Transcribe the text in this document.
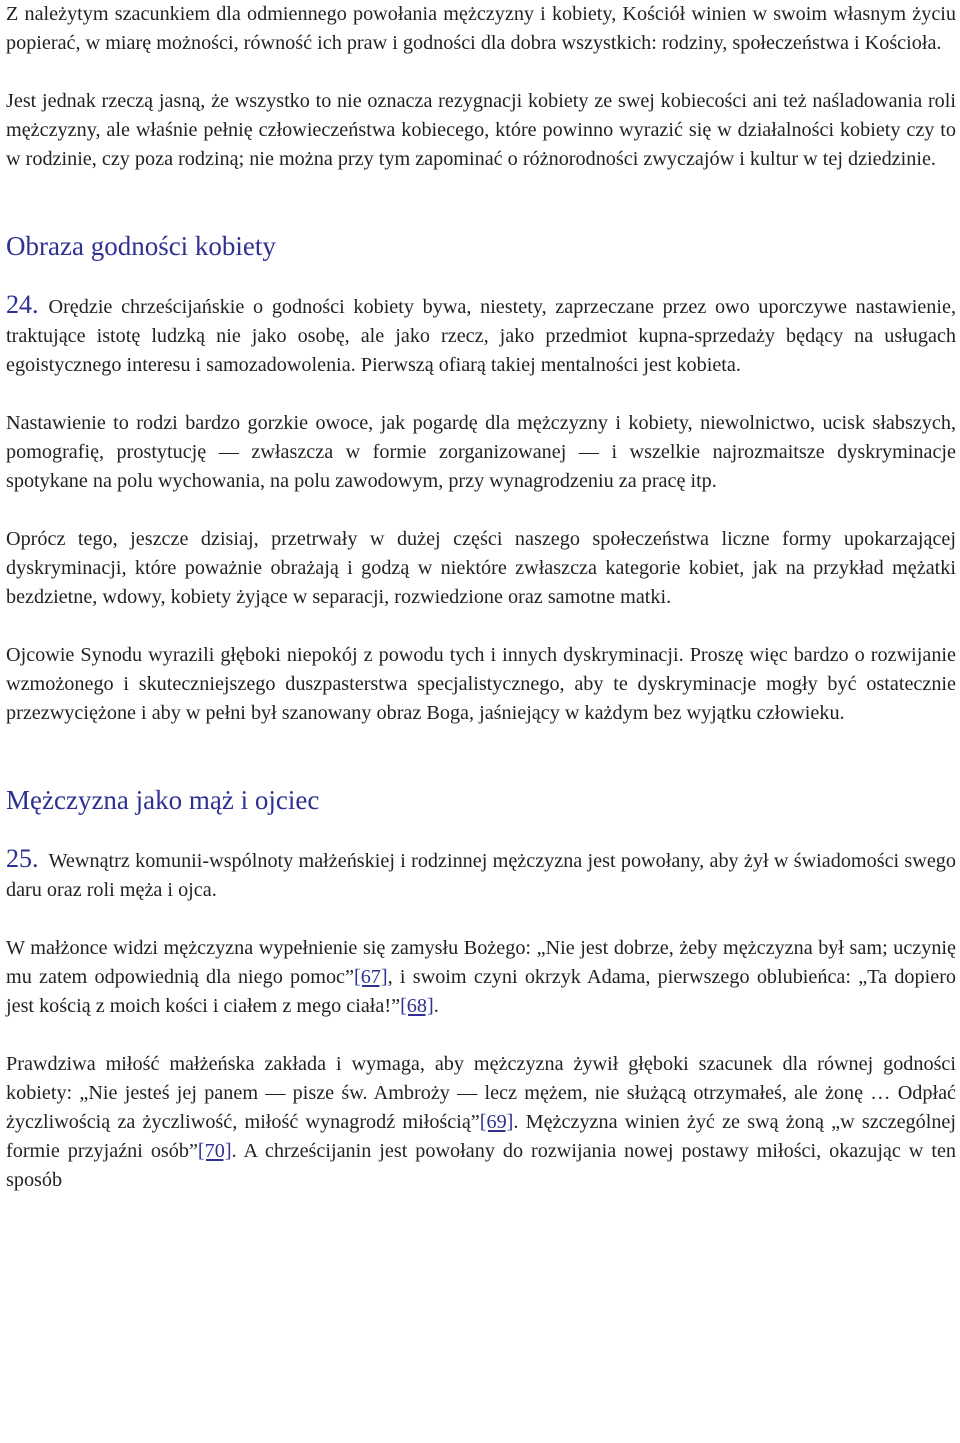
Z należytym szacunkiem dla odmiennego powołania mężczyzny i kobiety, Kościół winien w swoim własnym życiu popierać, w miarę możności, równość ich praw i godności dla dobra wszystkich: rodziny, społeczeństwa i Kościoła.

Jest jednak rzeczą jasną, że wszystko to nie oznacza rezygnacji kobiety ze swej kobiecości ani też naśladowania roli mężczyzny, ale właśnie pełnię człowieczeństwa kobiecego, które powinno wyrazić się w działalności kobiety czy to w rodzinie, czy poza rodziną; nie można przy tym zapominać o różnorodności zwyczajów i kultur w tej dziedzinie.

Obraza godności kobiety

24. Orędzie chrześcijańskie o godności kobiety bywa, niestety, zaprzeczane przez owo uporczywe nastawienie, traktujące istotę ludzką nie jako osobę, ale jako rzecz, jako przedmiot kupna-sprzedaży będący na usługach egoistycznego interesu i samozadowolenia. Pierwszą ofiarą takiej mentalności jest kobieta.

Nastawienie to rodzi bardzo gorzkie owoce, jak pogardę dla mężczyzny i kobiety, niewolnictwo, ucisk słabszych, pomografię, prostytucję — zwłaszcza w formie zorganizowanej — i wszelkie najrozmaitsze dyskryminacje spotykane na polu wychowania, na polu zawodowym, przy wynagrodzeniu za pracę itp.

Oprócz tego, jeszcze dzisiaj, przetrwały w dużej części naszego społeczeństwa liczne formy upokarzającej dyskryminacji, które poważnie obrażają i godzą w niektóre zwłaszcza kategorie kobiet, jak na przykład mężatki bezdzietne, wdowy, kobiety żyjące w separacji, rozwiedzione oraz samotne matki.

Ojcowie Synodu wyrazili głęboki niepokój z powodu tych i innych dyskryminacji. Proszę więc bardzo o rozwijanie wzmożonego i skuteczniejszego duszpasterstwa specjalistycznego, aby te dyskryminacje mogły być ostatecznie przezwyciężone i aby w pełni był szanowany obraz Boga, jaśniejący w każdym bez wyjątku człowieku.

Mężczyzna jako mąż i ojciec

25. Wewnątrz komunii-wspólnoty małżeńskiej i rodzinnej mężczyzna jest powołany, aby żył w świadomości swego daru oraz roli męża i ojca.

W małżonce widzi mężczyzna wypełnienie się zamysłu Bożego: „Nie jest dobrze, żeby mężczyzna był sam; uczynię mu zatem odpowiednią dla niego pomoc”[67], i swoim czyni okrzyk Adama, pierwszego oblubieńca: „Ta dopiero jest kością z moich kości i ciałem z mego ciała!”[68].

Prawdziwa miłość małżeńska zakłada i wymaga, aby mężczyzna żywił głęboki szacunek dla równej godności kobiety: „Nie jesteś jej panem — pisze św. Ambroży — lecz mężem, nie służącą otrzymałeś, ale żonę … Odpłać życzliwością za życzliwość, miłość wynagrodź miłością”[69]. Mężczyzna winien żyć ze swą żoną „w szczególnej formie przyjaźni osób”[70]. A chrześcijanin jest powołany do rozwijania nowej postawy miłości, okazując w ten sposób
